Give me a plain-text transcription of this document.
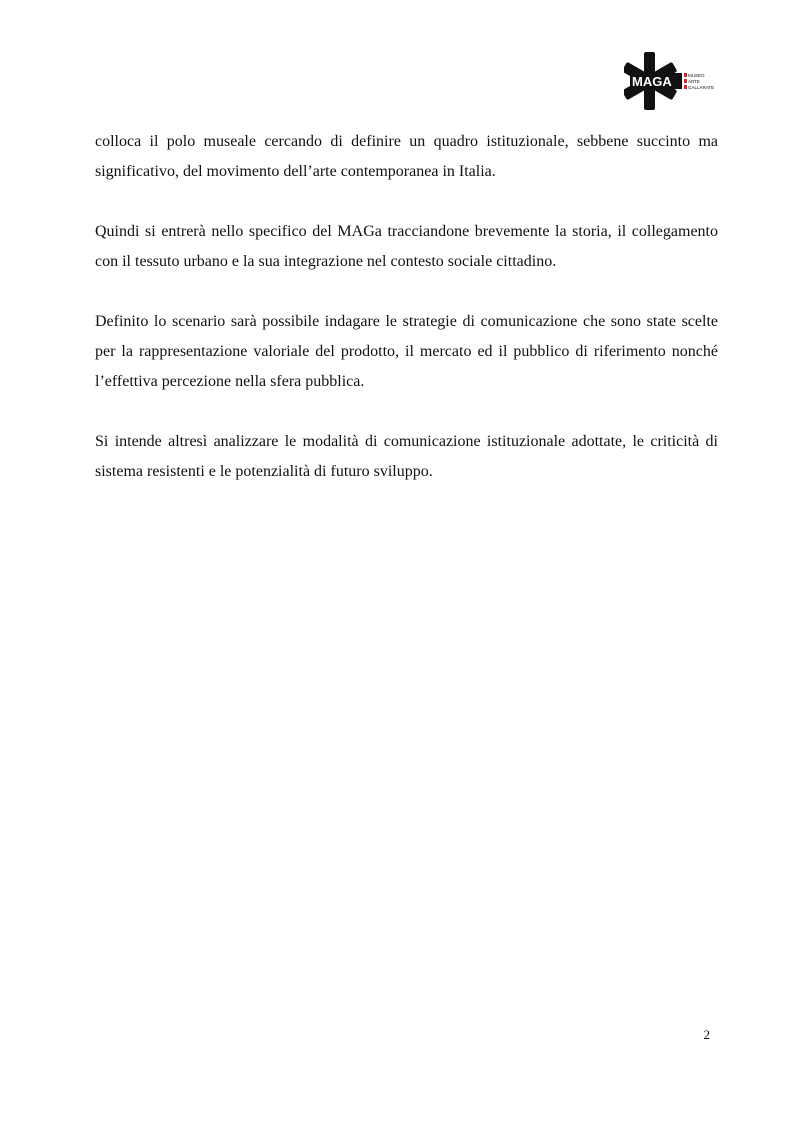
MAGA	MUSEO
ARTE
GALLARATE

colloca il polo museale cercando di definire un quadro istituzionale, sebbene succinto ma significativo, del movimento dell’arte contemporanea in Italia.

Quindi si entrerà nello specifico del MAGa tracciandone brevemente la storia, il collegamento con il tessuto urbano e la sua integrazione nel contesto sociale cittadino.

Definito lo scenario sarà possibile indagare le strategie di comunicazione che sono state scelte per la rappresentazione valoriale del prodotto, il mercato ed il pubblico di riferimento nonché l’effettiva percezione nella sfera pubblica.

Si intende altresì analizzare le modalità di comunicazione istituzionale adottate, le criticità di sistema resistenti e le potenzialità di futuro sviluppo.

2
